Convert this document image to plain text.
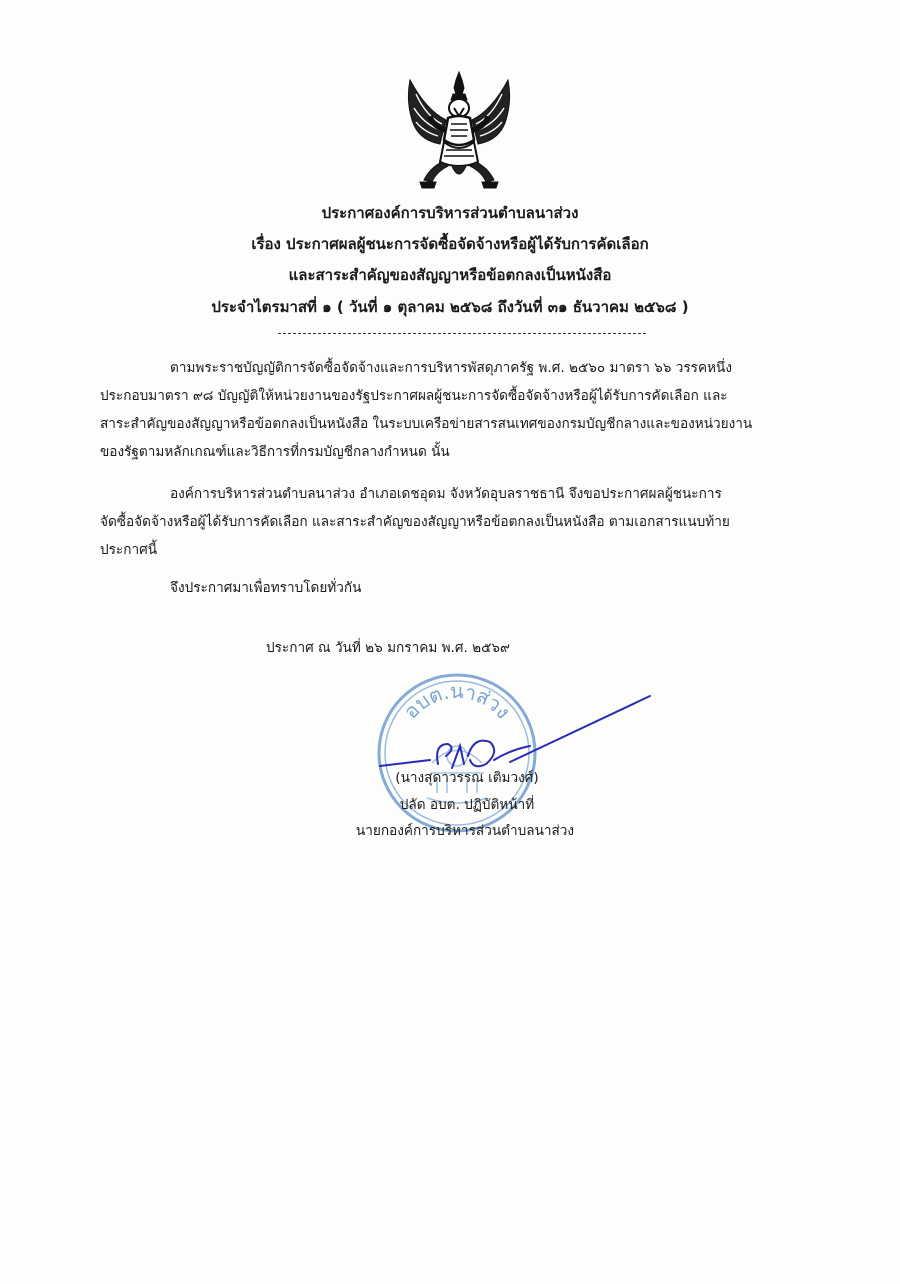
ประกาศองค์การบริหารส่วนตำบลนาส่วง
เรื่อง ประกาศผลผู้ชนะการจัดซื้อจัดจ้างหรือผู้ได้รับการคัดเลือก
และสาระสำคัญของสัญญาหรือข้อตกลงเป็นหนังสือ
ประจำไตรมาสที่ ๑ ( วันที่ ๑ ตุลาคม ๒๕๖๘ ถึงวันที่ ๓๑ ธันวาคม ๒๕๖๘ )
ตามพระราชบัญญัติการจัดซื้อจัดจ้างและการบริหารพัสดุภาครัฐ พ.ศ. ๒๕๖๐ มาตรา ๖๖ วรรคหนึ่ง
ประกอบมาตรา ๙๘ บัญญัติให้หน่วยงานของรัฐประกาศผลผู้ชนะการจัดซื้อจัดจ้างหรือผู้ได้รับการคัดเลือก และ
สาระสำคัญของสัญญาหรือข้อตกลงเป็นหนังสือ ในระบบเครือข่ายสารสนเทศของกรมบัญชีกลางและของหน่วยงาน
ของรัฐตามหลักเกณฑ์และวิธีการที่กรมบัญชีกลางกำหนด นั้น
องค์การบริหารส่วนตำบลนาส่วง อำเภอเดชอุดม จังหวัดอุบลราชธานี จึงขอประกาศผลผู้ชนะการ
จัดซื้อจัดจ้างหรือผู้ได้รับการคัดเลือก และสาระสำคัญของสัญญาหรือข้อตกลงเป็นหนังสือ ตามเอกสารแนบท้าย
ประกาศนี้
จึงประกาศมาเพื่อทราบโดยทั่วกัน
ประกาศ ณ วันที่ ๒๖ มกราคม พ.ศ. ๒๕๖๙
อบต.นาส่วง
(นางสุดาวรรณ เติมวงศ์)
ปลัด อบต. ปฏิบัติหน้าที่
นายกองค์การบริหารส่วนตำบลนาส่วง
